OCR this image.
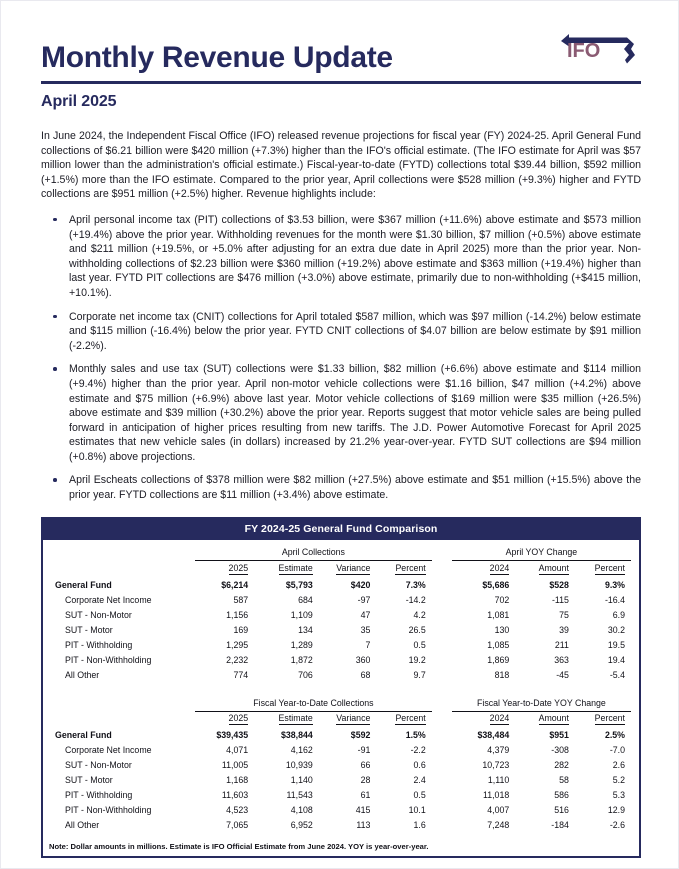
Monthly Revenue Update	IFO
April 2025

In June 2024, the Independent Fiscal Office (IFO) released revenue projections for fiscal year (FY) 2024-25. April General Fund collections of $6.21 billion were $420 million (+7.3%) higher than the IFO's official estimate. (The IFO estimate for April was $57 million lower than the administration's official estimate.) Fiscal-year-to-date (FYTD) collections total $39.44 billion, $592 million (+1.5%) more than the IFO estimate. Compared to the prior year, April collections were $528 million (+9.3%) higher and FYTD collections are $951 million (+2.5%) higher. Revenue highlights include:

April personal income tax (PIT) collections of $3.53 billion, were $367 million (+11.6%) above estimate and $573 million (+19.4%) above the prior year. Withholding revenues for the month were $1.30 billion, $7 million (+0.5%) above estimate and $211 million (+19.5%, or +5.0% after adjusting for an extra due date in April 2025) more than the prior year. Non-withholding collections of $2.23 billion were $360 million (+19.2%) above estimate and $363 million (+19.4%) higher than last year. FYTD PIT collections are $476 million (+3.0%) above estimate, primarily due to non-withholding (+$415 million, +10.1%).
Corporate net income tax (CNIT) collections for April totaled $587 million, which was $97 million (-14.2%) below estimate and $115 million (-16.4%) below the prior year. FYTD CNIT collections of $4.07 billion are below estimate by $91 million (-2.2%).
Monthly sales and use tax (SUT) collections were $1.33 billion, $82 million (+6.6%) above estimate and $114 million (+9.4%) higher than the prior year. April non-motor vehicle collections were $1.16 billion, $47 million (+4.2%) above estimate and $75 million (+6.9%) above last year. Motor vehicle collections of $169 million were $35 million (+26.5%) above estimate and $39 million (+30.2%) above the prior year. Reports suggest that motor vehicle sales are being pulled forward in anticipation of higher prices resulting from new tariffs. The J.D. Power Automotive Forecast for April 2025 estimates that new vehicle sales (in dollars) increased by 21.2% year-over-year. FYTD SUT collections are $94 million (+0.8%) above projections.
April Escheats collections of $378 million were $82 million (+27.5%) above estimate and $51 million (+15.5%) above the prior year. FYTD collections are $11 million (+3.4%) above estimate.
FY 2024-25 General Fund Comparison
	April Collections					April YOY Change		
	2025	Estimate	Variance	Percent		2024	Amount	Percent
General Fund	$6,214	$5,793	$420	7.3%		$5,686	$528	9.3%
Corporate Net Income	587	684	-97	-14.2		702	-115	-16.4
SUT - Non-Motor	1,156	1,109	47	4.2		1,081	75	6.9
SUT - Motor	169	134	35	26.5		130	39	30.2
PIT - Withholding	1,295	1,289	7	0.5		1,085	211	19.5
PIT - Non-Withholding	2,232	1,872	360	19.2		1,869	363	19.4
All Other	774	706	68	9.7		818	-45	-5.4

	Fiscal Year-to-Date Collections					Fiscal Year-to-Date YOY Change		
	2025	Estimate	Variance	Percent		2024	Amount	Percent
General Fund	$39,435	$38,844	$592	1.5%		$38,484	$951	2.5%
Corporate Net Income	4,071	4,162	-91	-2.2		4,379	-308	-7.0
SUT - Non-Motor	11,005	10,939	66	0.6		10,723	282	2.6
SUT - Motor	1,168	1,140	28	2.4		1,110	58	5.2
PIT - Withholding	11,603	11,543	61	0.5		11,018	586	5.3
PIT - Non-Withholding	4,523	4,108	415	10.1		4,007	516	12.9
All Other	7,065	6,952	113	1.6		7,248	-184	-2.6
Note: Dollar amounts in millions. Estimate is IFO Official Estimate from June 2024. YOY is year-over-year.
